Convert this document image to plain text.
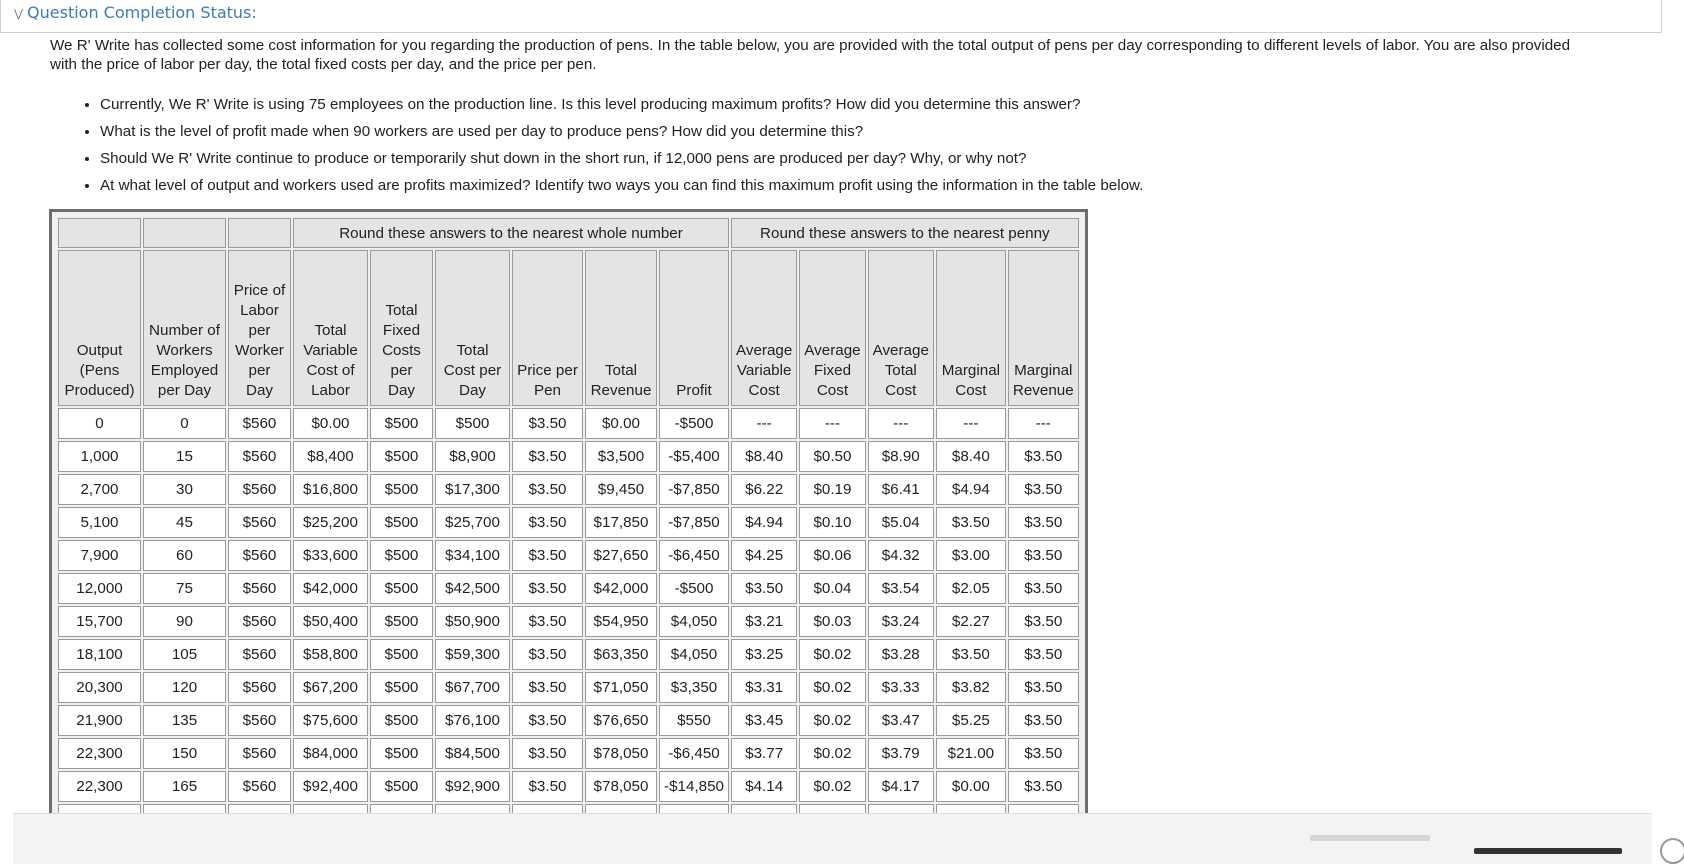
⋁ Question Completion Status:
We R' Write has collected some cost information for you regarding the production of pens. In the table below, you are provided with the total output of pens per day corresponding to different levels of labor. You are also provided with the price of labor per day, the total fixed costs per day, and the price per pen.
• Currently, We R' Write is using 75 employees on the production line. Is this level producing maximum profits? How did you determine this answer?
• What is the level of profit made when 90 workers are used per day to produce pens? How did you determine this?
• Should We R' Write continue to produce or temporarily shut down in the short run, if 12,000 pens are produced per day? Why, or why not?
• At what level of output and workers used are profits maximized? Identify two ways you can find this maximum profit using the information in the table below.
			Round these answers to the nearest whole number						Round these answers to the nearest penny				
Output (Pens Produced)	Number of Workers Employed per Day	Price of Labor per Worker per Day	Total Variable Cost of Labor	Total Fixed Costs per Day	Total Cost per Day	Price per Pen	Total Revenue	Profit	Average Variable Cost	Average Fixed Cost	Average Total Cost	Marginal Cost	Marginal Revenue
0	0	$560	$0.00	$500	$500	$3.50	$0.00	-$500	---	---	---	---	---
1,000	15	$560	$8,400	$500	$8,900	$3.50	$3,500	-$5,400	$8.40	$0.50	$8.90	$8.40	$3.50
2,700	30	$560	$16,800	$500	$17,300	$3.50	$9,450	-$7,850	$6.22	$0.19	$6.41	$4.94	$3.50
5,100	45	$560	$25,200	$500	$25,700	$3.50	$17,850	-$7,850	$4.94	$0.10	$5.04	$3.50	$3.50
7,900	60	$560	$33,600	$500	$34,100	$3.50	$27,650	-$6,450	$4.25	$0.06	$4.32	$3.00	$3.50
12,000	75	$560	$42,000	$500	$42,500	$3.50	$42,000	-$500	$3.50	$0.04	$3.54	$2.05	$3.50
15,700	90	$560	$50,400	$500	$50,900	$3.50	$54,950	$4,050	$3.21	$0.03	$3.24	$2.27	$3.50
18,100	105	$560	$58,800	$500	$59,300	$3.50	$63,350	$4,050	$3.25	$0.02	$3.28	$3.50	$3.50
20,300	120	$560	$67,200	$500	$67,700	$3.50	$71,050	$3,350	$3.31	$0.02	$3.33	$3.82	$3.50
21,900	135	$560	$75,600	$500	$76,100	$3.50	$76,650	$550	$3.45	$0.02	$3.47	$5.25	$3.50
22,300	150	$560	$84,000	$500	$84,500	$3.50	$78,050	-$6,450	$3.77	$0.02	$3.79	$21.00	$3.50
22,300	165	$560	$92,400	$500	$92,900	$3.50	$78,050	-$14,850	$4.14	$0.02	$4.17	$0.00	$3.50
